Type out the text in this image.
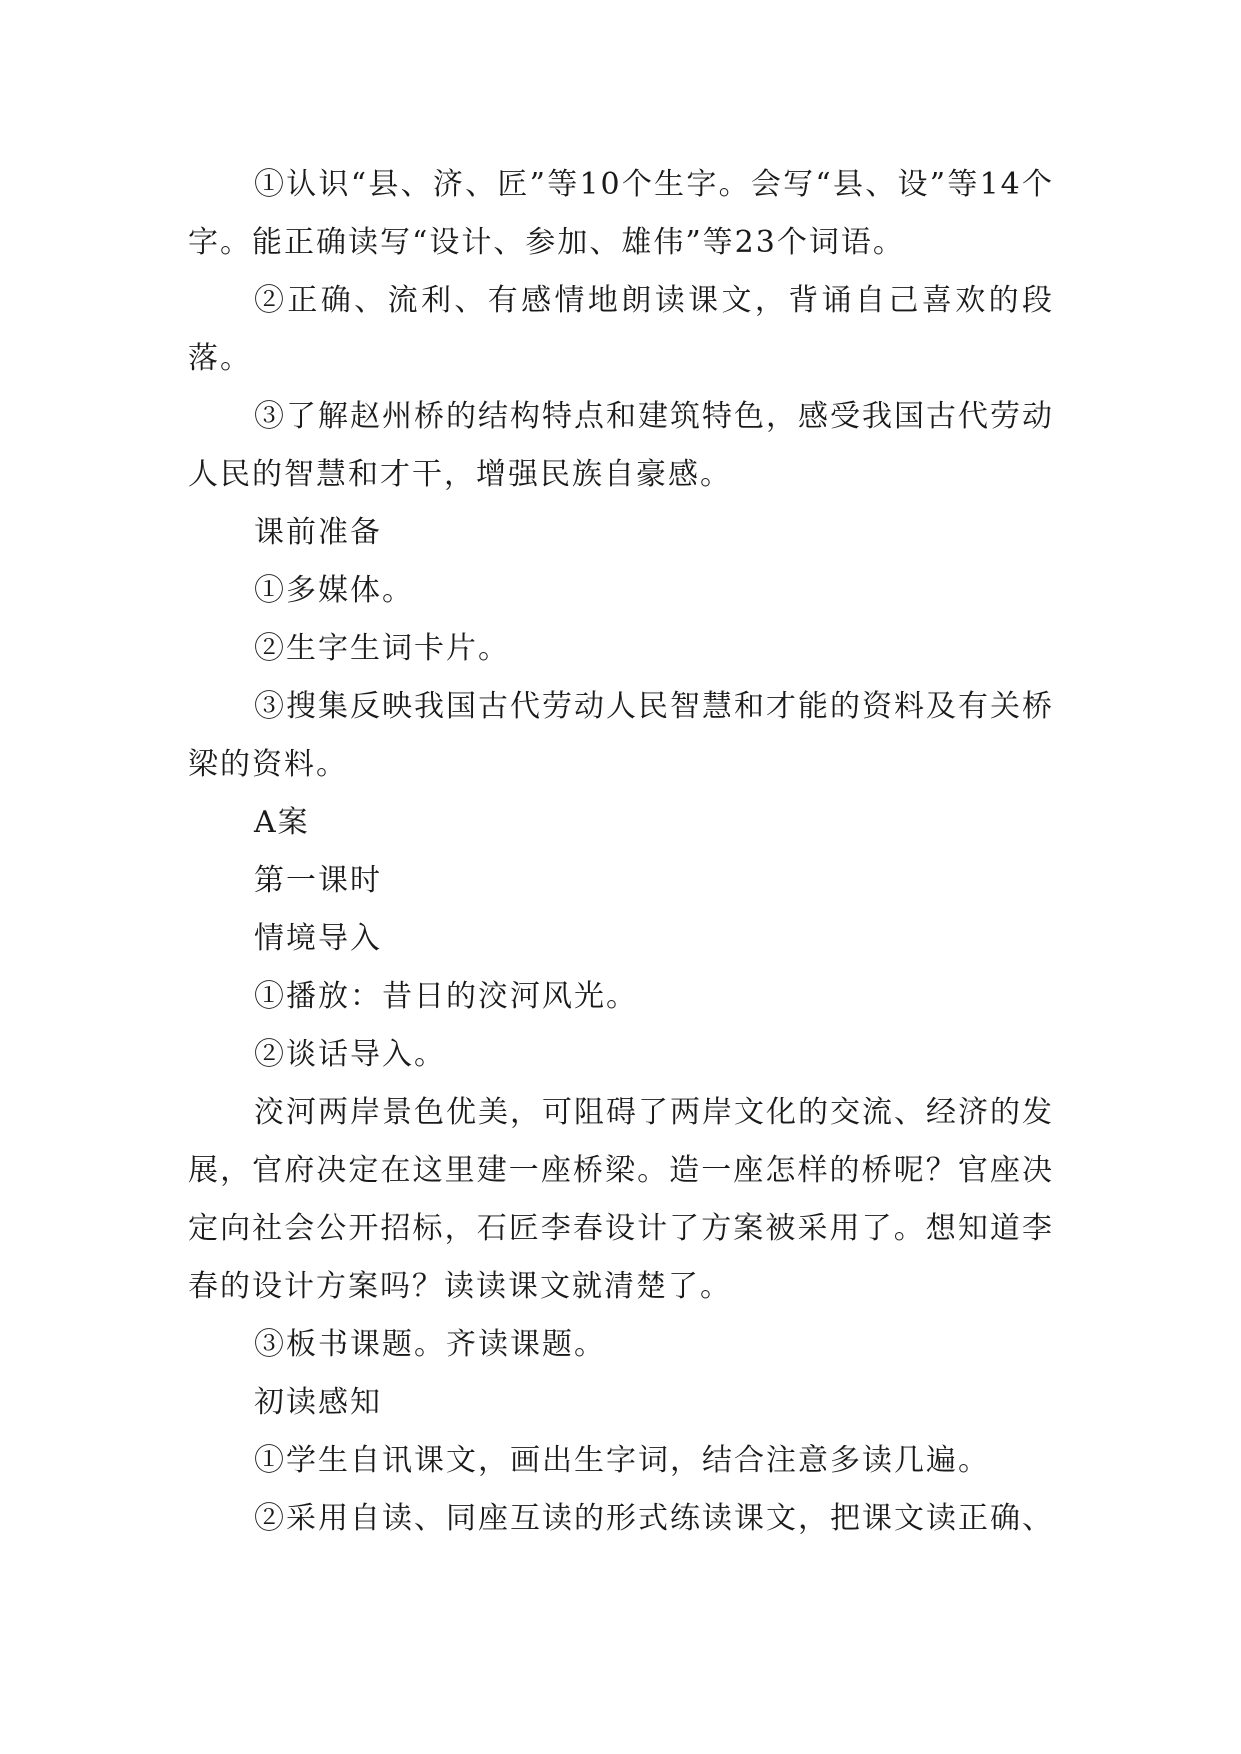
①认识“县、济、匠”等10个生字。会写“县、设”等14个字。能正确读写“设计、参加、雄伟”等23个词语。

②正确、流利、有感情地朗读课文，背诵自己喜欢的段落。

③了解赵州桥的结构特点和建筑特色，感受我国古代劳动人民的智慧和才干，增强民族自豪感。

课前准备

①多媒体。

②生字生词卡片。

③搜集反映我国古代劳动人民智慧和才能的资料及有关桥梁的资料。

A案

第一课时

情境导入

①播放：昔日的洨河风光。

②谈话导入。

洨河两岸景色优美，可阻碍了两岸文化的交流、经济的发展，官府决定在这里建一座桥梁。造一座怎样的桥呢？官座决定向社会公开招标，石匠李春设计了方案被采用了。想知道李春的设计方案吗？读读课文就清楚了。

③板书课题。齐读课题。

初读感知

①学生自讯课文，画出生字词，结合注意多读几遍。

②采用自读、同座互读的形式练读课文，把课文读正确、
